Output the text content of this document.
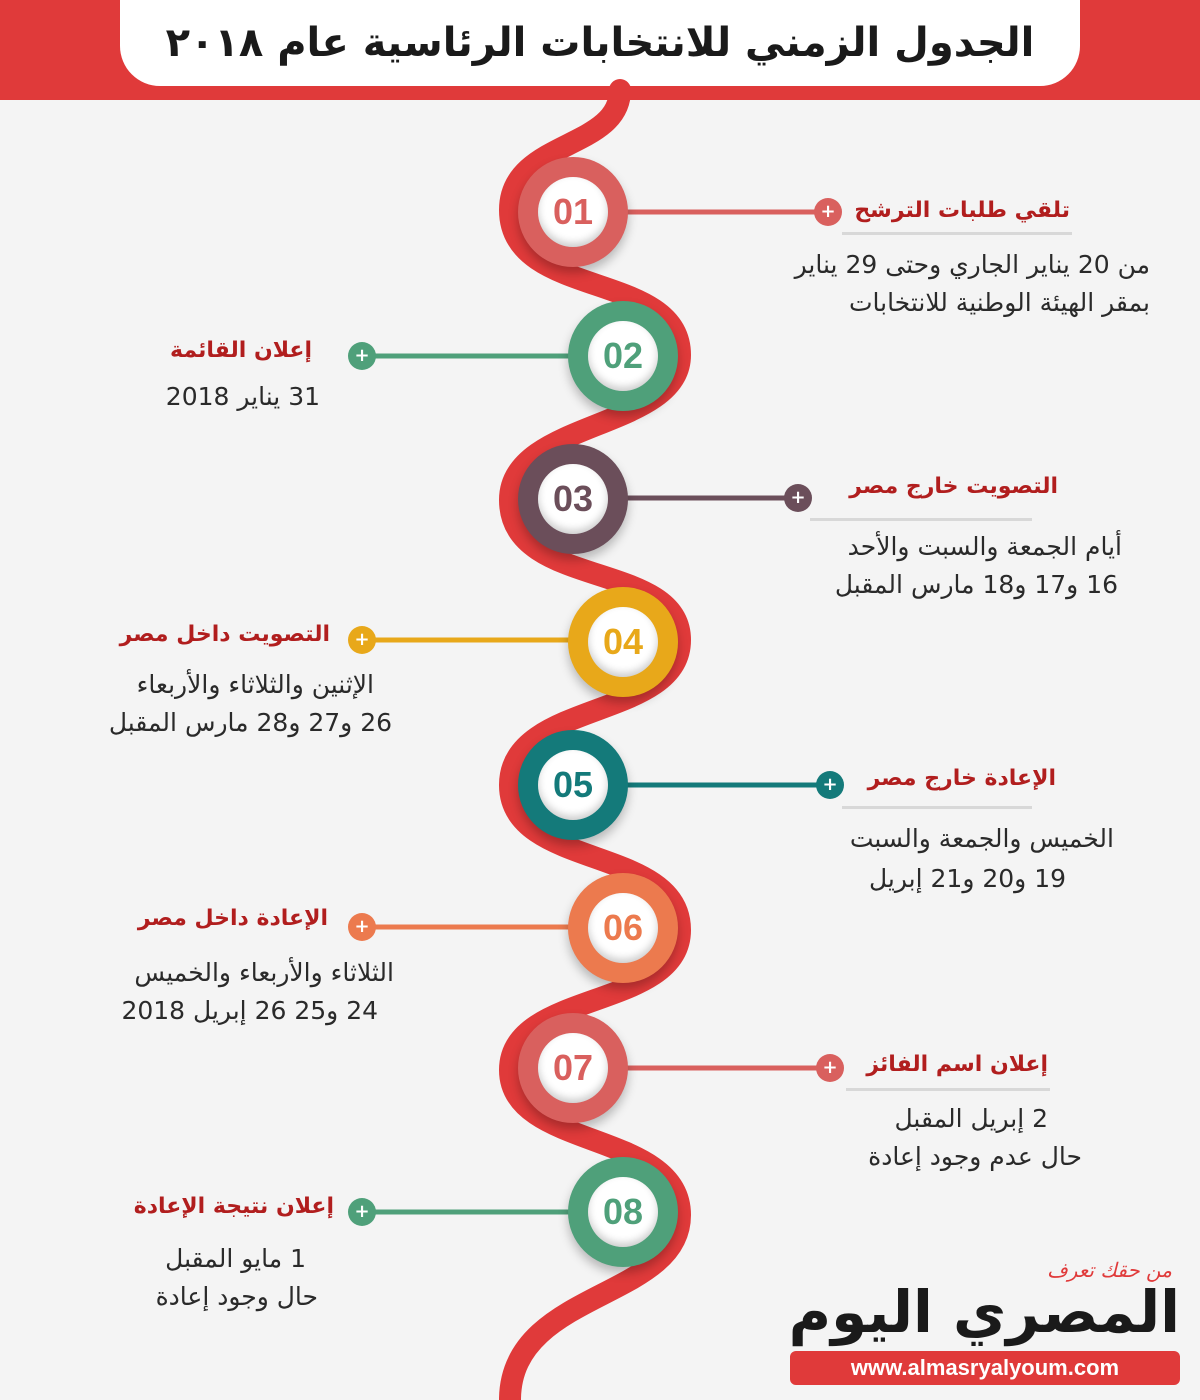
الجدول الزمني للانتخابات الرئاسية عام ٢٠١٨
01	+ تلقي طلبات الترشح
من 20 يناير الجاري وحتى 29 يناير
بمقر الهيئة الوطنية للانتخابات
02
+
إعلان القائمة
31 يناير 2018
03	+ التصويت خارج مصر
أيام الجمعة والسبت والأحد
16 و17 و18 مارس المقبل
04
+
التصويت داخل مصر
الإثنين والثلاثاء والأربعاء
26 و27 و28 مارس المقبل
05	+ الإعادة خارج مصر
الخميس والجمعة والسبت
19 و20 و21 إبريل
06
+
الإعادة داخل مصر
الثلاثاء والأربعاء والخميس
24 و25 26 إبريل 2018
07	+ إعلان اسم الفائز
2 إبريل المقبل
حال عدم وجود إعادة
08
+
إعلان نتيجة الإعادة
1 مايو المقبل
حال وجود إعادة
من حقك تعرف
المصري اليوم
www.almasryalyoum.com
